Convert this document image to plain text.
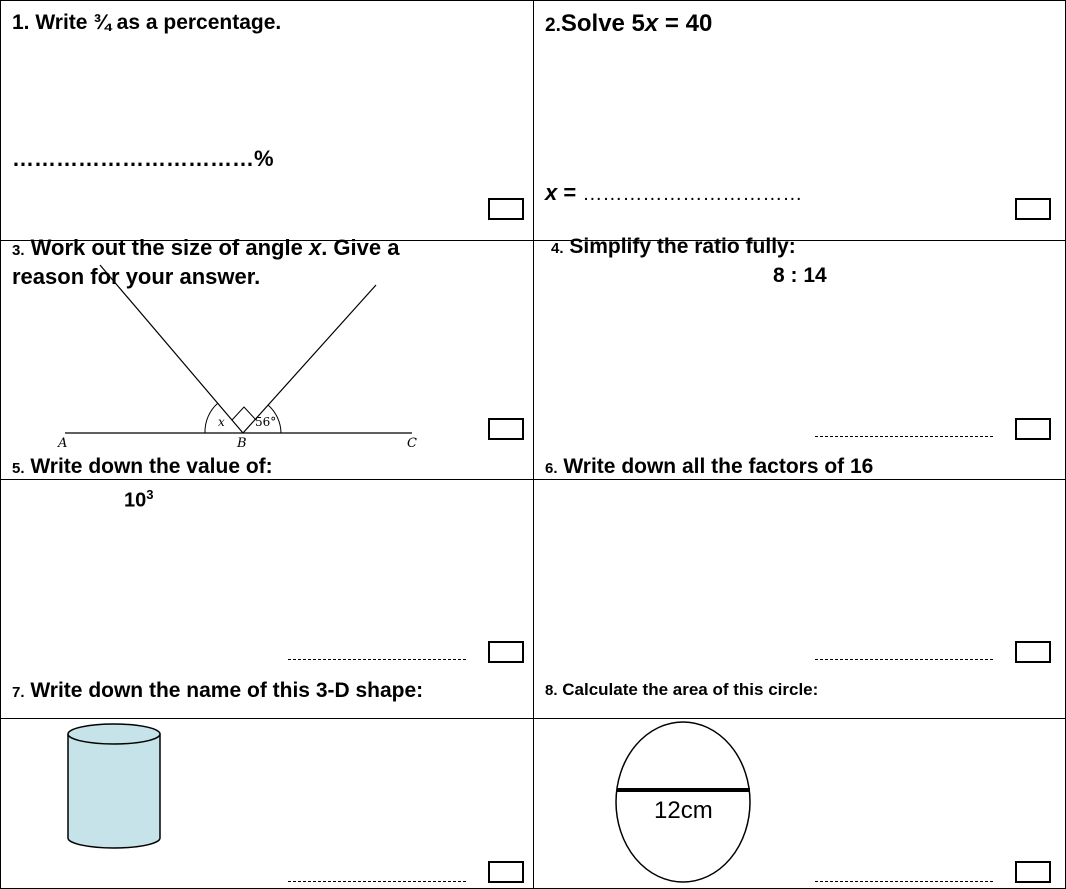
1. Write ¾ as a percentage.
……………………………%
2.Solve 5x = 40
x = ……………………………
3. Work out the size of angle x. Give a
reason for your answer.
x	56°
A	B	C
4. Simplify the ratio fully:
8 : 14
5. Write down the value of:
$10^3$
6. Write down all the factors of 16
7. Write down the name of this 3-D shape:	8. Calculate the area of this circle:
12cm
